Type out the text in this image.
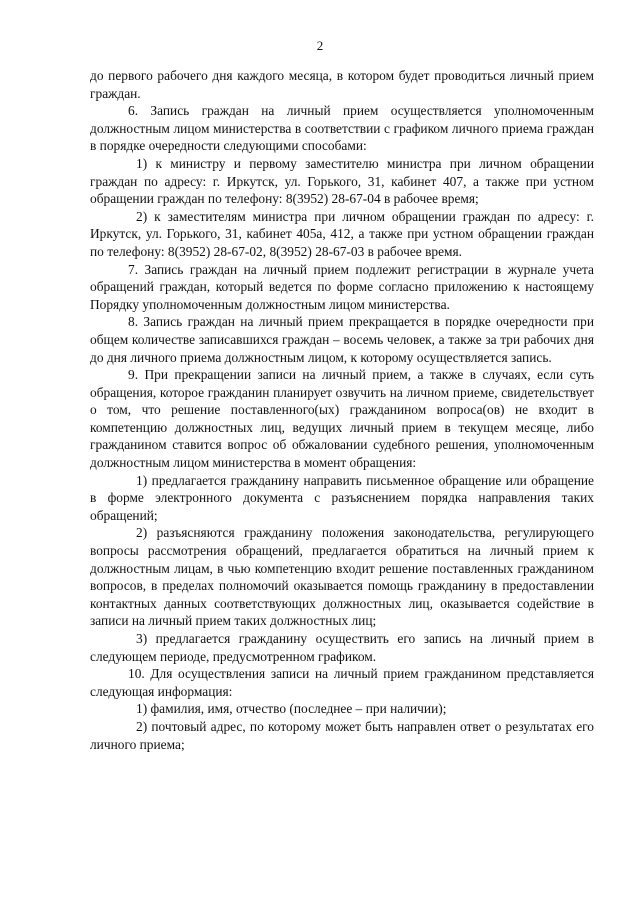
2

до первого рабочего дня каждого месяца, в котором будет проводиться личный прием граждан.

6. Запись граждан на личный прием осуществляется уполномоченным должностным лицом министерства в соответствии с графиком личного приема граждан в порядке очередности следующими способами:

1) к министру и первому заместителю министра при личном обращении граждан по адресу: г. Иркутск, ул. Горького, 31, кабинет 407, а также при устном обращении граждан по телефону: 8(3952) 28-67-04 в рабочее время;

2) к заместителям министра при личном обращении граждан по адресу: г. Иркутск, ул. Горького, 31, кабинет 405а, 412, а также при устном обращении граждан по телефону: 8(3952) 28-67-02, 8(3952) 28-67-03 в рабочее время.

7. Запись граждан на личный прием подлежит регистрации в журнале учета обращений граждан, который ведется по форме согласно приложению к настоящему Порядку уполномоченным должностным лицом министерства.

8. Запись граждан на личный прием прекращается в порядке очередности при общем количестве записавшихся граждан – восемь человек, а также за три рабочих дня до дня личного приема должностным лицом, к которому осуществляется запись.

9. При прекращении записи на личный прием, а также в случаях, если суть обращения, которое гражданин планирует озвучить на личном приеме, свидетельствует о том, что решение поставленного(ых) гражданином вопроса(ов) не входит в компетенцию должностных лиц, ведущих личный прием в текущем месяце, либо гражданином ставится вопрос об обжаловании судебного решения, уполномоченным должностным лицом министерства в момент обращения:

1) предлагается гражданину направить письменное обращение или обращение в форме электронного документа с разъяснением порядка направления таких обращений;

2) разъясняются гражданину положения законодательства, регулирующего вопросы рассмотрения обращений, предлагается обратиться на личный прием к должностным лицам, в чью компетенцию входит решение поставленных гражданином вопросов, в пределах полномочий оказывается помощь гражданину в предоставлении контактных данных соответствующих должностных лиц, оказывается содействие в записи на личный прием таких должностных лиц;

3) предлагается гражданину осуществить его запись на личный прием в следующем периоде, предусмотренном графиком.

10. Для осуществления записи на личный прием гражданином представляется следующая информация:

1) фамилия, имя, отчество (последнее – при наличии);

2) почтовый адрес, по которому может быть направлен ответ о результатах его личного приема;
